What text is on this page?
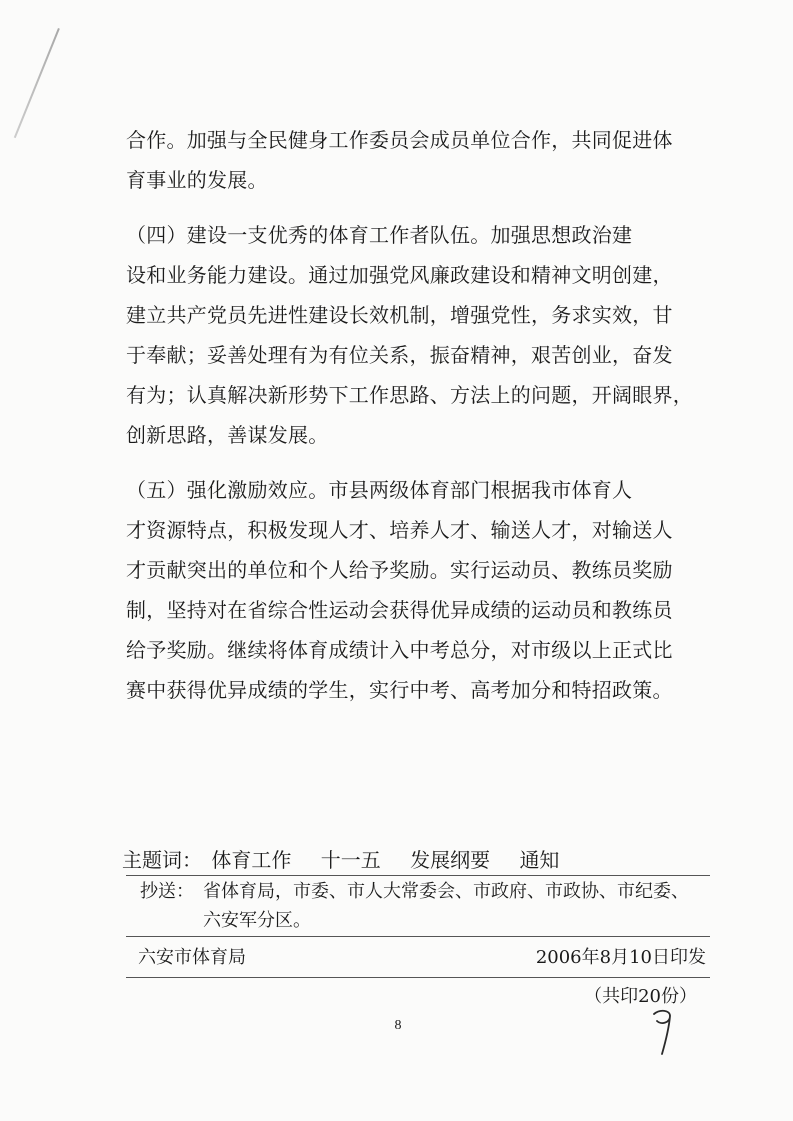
合作。加强与全民健身工作委员会成员单位合作，共同促进体
育事业的发展。
（四）建设一支优秀的体育工作者队伍。加强思想政治建
设和业务能力建设。通过加强党风廉政建设和精神文明创建，
建立共产党员先进性建设长效机制，增强党性，务求实效，甘
于奉献；妥善处理有为有位关系，振奋精神，艰苦创业，奋发
有为；认真解决新形势下工作思路、方法上的问题，开阔眼界，
创新思路，善谋发展。
（五）强化激励效应。市县两级体育部门根据我市体育人
才资源特点，积极发现人才、培养人才、输送人才，对输送人
才贡献突出的单位和个人给予奖励。实行运动员、教练员奖励
制，坚持对在省综合性运动会获得优异成绩的运动员和教练员
给予奖励。继续将体育成绩计入中考总分，对市级以上正式比
赛中获得优异成绩的学生，实行中考、高考加分和特招政策。
主题词： 体育工作 十一五 发展纲要 通知
抄送： 省体育局，市委、市人大常委会、市政府、市政协、市纪委、
六安军分区。
六安市体育局	2006年8月10日印发
（共印20份）
8
